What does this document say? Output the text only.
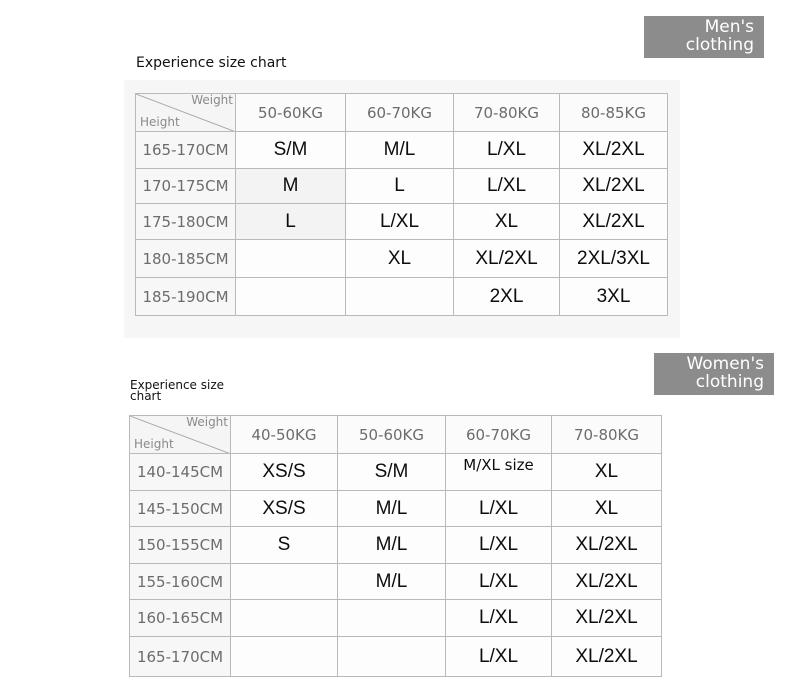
Men's
clothing
Experience size chart
Weight
Height	50-60KG	60-70KG	70-80KG	80-85KG
165-170CM	S/M	M/L	L/XL	XL/2XL
170-175CM	M	L	L/XL	XL/2XL
175-180CM	L	L/XL	XL	XL/2XL
180-185CM		XL	XL/2XL	2XL/3XL
185-190CM			2XL	3XL
Women's
clothing
Experience size
chart
Weight
Height	40-50KG	50-60KG	60-70KG	70-80KG
140-145CM	XS/S	S/M	M/XL size	XL
145-150CM	XS/S	M/L	L/XL	XL
150-155CM	S	M/L	L/XL	XL/2XL
155-160CM		M/L	L/XL	XL/2XL
160-165CM			L/XL	XL/2XL
165-170CM			L/XL	XL/2XL
